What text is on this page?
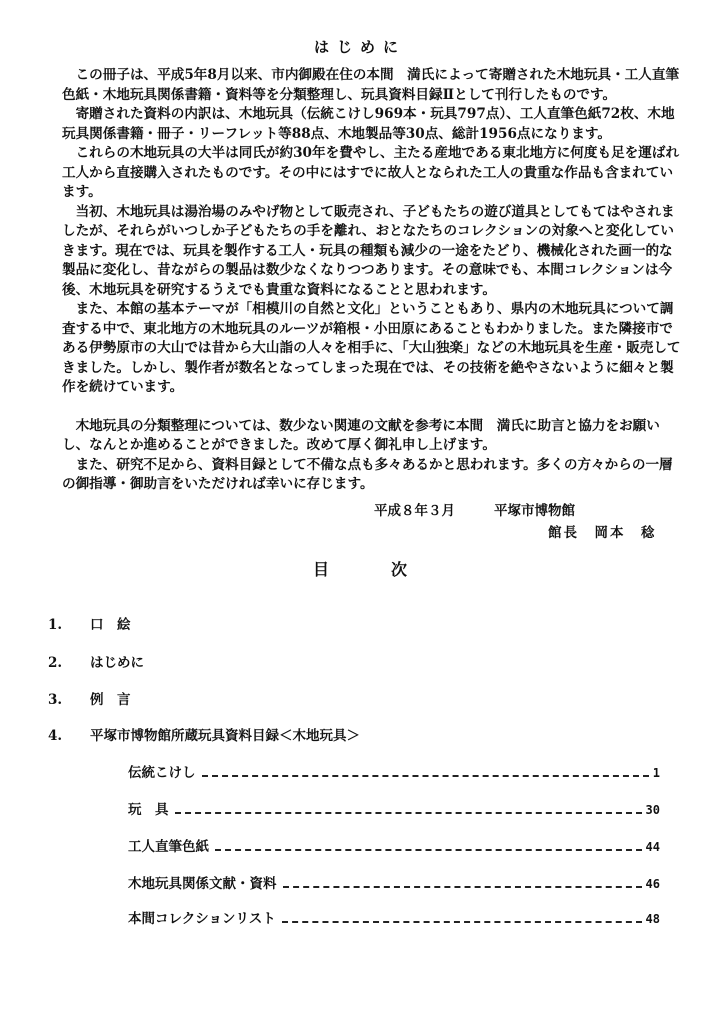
はじめに

この冊子は、平成5年8月以来、市内御殿在住の本間　満氏によって寄贈された木地玩具・工人直筆色紙・木地玩具関係書籍・資料等を分類整理し、玩具資料目録Ⅱとして刊行したものです。

寄贈された資料の内訳は、木地玩具（伝統こけし969本・玩具797点）、工人直筆色紙72枚、木地玩具関係書籍・冊子・リーフレット等88点、木地製品等30点、総計1956点になります。

これらの木地玩具の大半は同氏が約30年を費やし、主たる産地である東北地方に何度も足を運ばれ工人から直接購入されたものです。その中にはすでに故人となられた工人の貴重な作品も含まれています。

当初、木地玩具は湯治場のみやげ物として販売され、子どもたちの遊び道具としてもてはやされましたが、それらがいつしか子どもたちの手を離れ、おとなたちのコレクションの対象へと変化していきます。現在では、玩具を製作する工人・玩具の種類も減少の一途をたどり、機械化された画一的な製品に変化し、昔ながらの製品は数少なくなりつつあります。その意味でも、本間コレクションは今後、木地玩具を研究するうえでも貴重な資料になることと思われます。

また、本館の基本テーマが「相模川の自然と文化」ということもあり、県内の木地玩具について調査する中で、東北地方の木地玩具のルーツが箱根・小田原にあることもわかりました。また隣接市である伊勢原市の大山では昔から大山詣の人々を相手に、「大山独楽」などの木地玩具を生産・販売してきました。しかし、製作者が数名となってしまった現在では、その技術を絶やさないように細々と製作を続けています。

木地玩具の分類整理については、数少ない関連の文献を参考に本間　満氏に助言と協力をお願いし、なんとか進めることができました。改めて厚く御礼申し上げます。

また、研究不足から、資料目録として不備な点も多々あるかと思われます。多くの方々からの一層の御指導・御助言をいただければ幸いに存じます。

平成８年３月	平塚市博物館
館長　岡本　稔
目	次
1. 口　絵
2. はじめに
3. 例　言
4. 平塚市博物館所蔵玩具資料目録＜木地玩具＞
伝統こけし	1
玩　具	30
工人直筆色紙	44
木地玩具関係文献・資料	46
本間コレクションリスト	48
